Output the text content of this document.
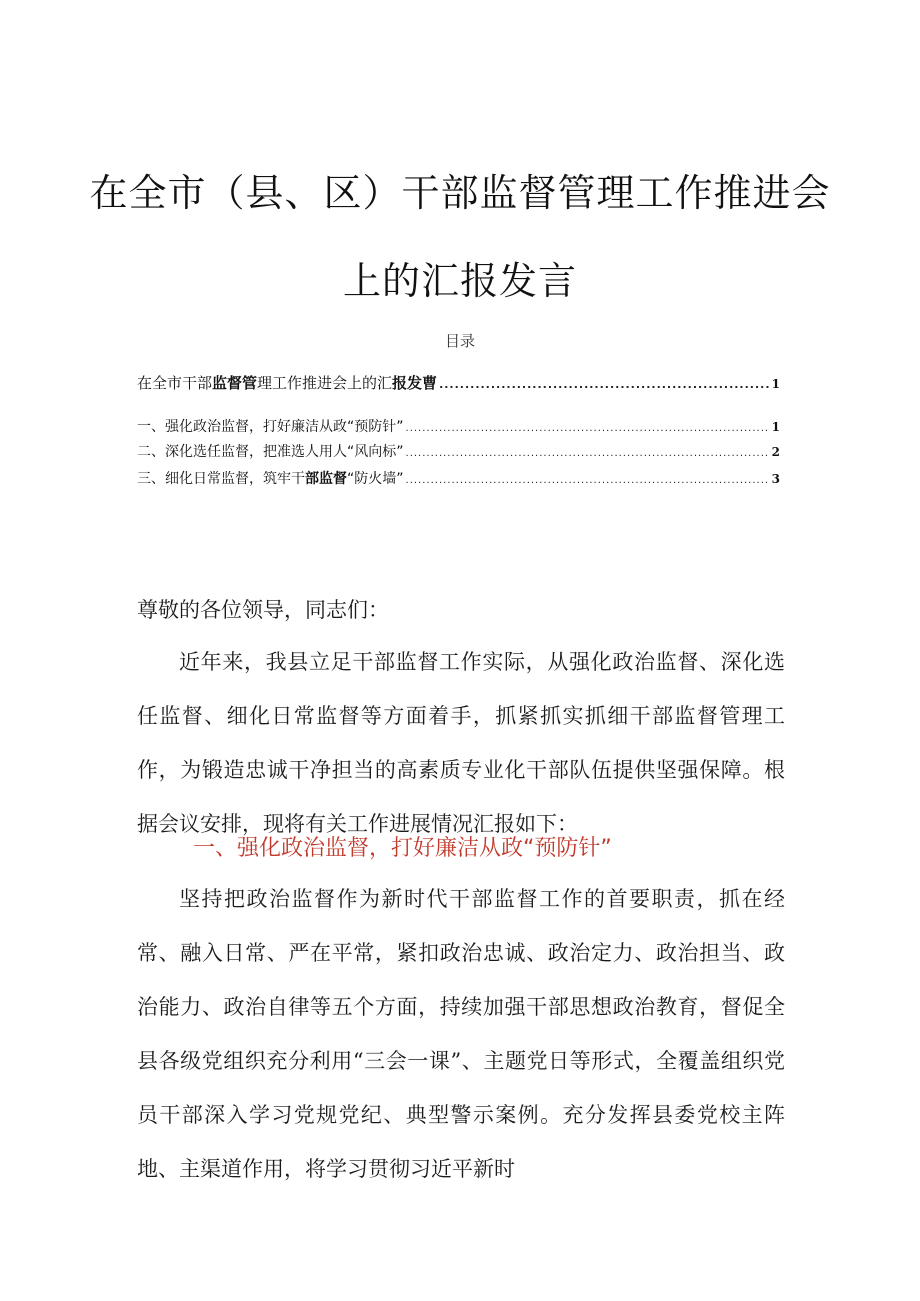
在全市（县、区）干部监督管理工作推进会
上的汇报发言
目录
在全市干部监督管理工作推进会上的汇报发曹 .....	1
一、强化政治监督，打好廉洁从政“预防针” .....	1
二、深化选任监督，把准选人用人“风向标” .....	2
三、细化日常监督，筑牢干部监督“防火墙” .....	3
尊敬的各位领导，同志们：
近年来，我县立足干部监督工作实际，从强化政治监督、深化选任监督、细化日常监督等方面着手，抓紧抓实抓细干部监督管理工作，为锻造忠诚干净担当的高素质专业化干部队伍提供坚强保障。根据会议安排，现将有关工作进展情况汇报如下：
一、强化政治监督，打好廉洁从政“预防针”
坚持把政治监督作为新时代干部监督工作的首要职责，抓在经常、融入日常、严在平常，紧扣政治忠诚、政治定力、政治担当、政治能力、政治自律等五个方面，持续加强干部思想政治教育，督促全县各级党组织充分利用“三会一课”、主题党日等形式，全覆盖组织党员干部深入学习党规党纪、典型警示案例。充分发挥县委党校主阵地、主渠道作用，将学习贯彻习近平新时
